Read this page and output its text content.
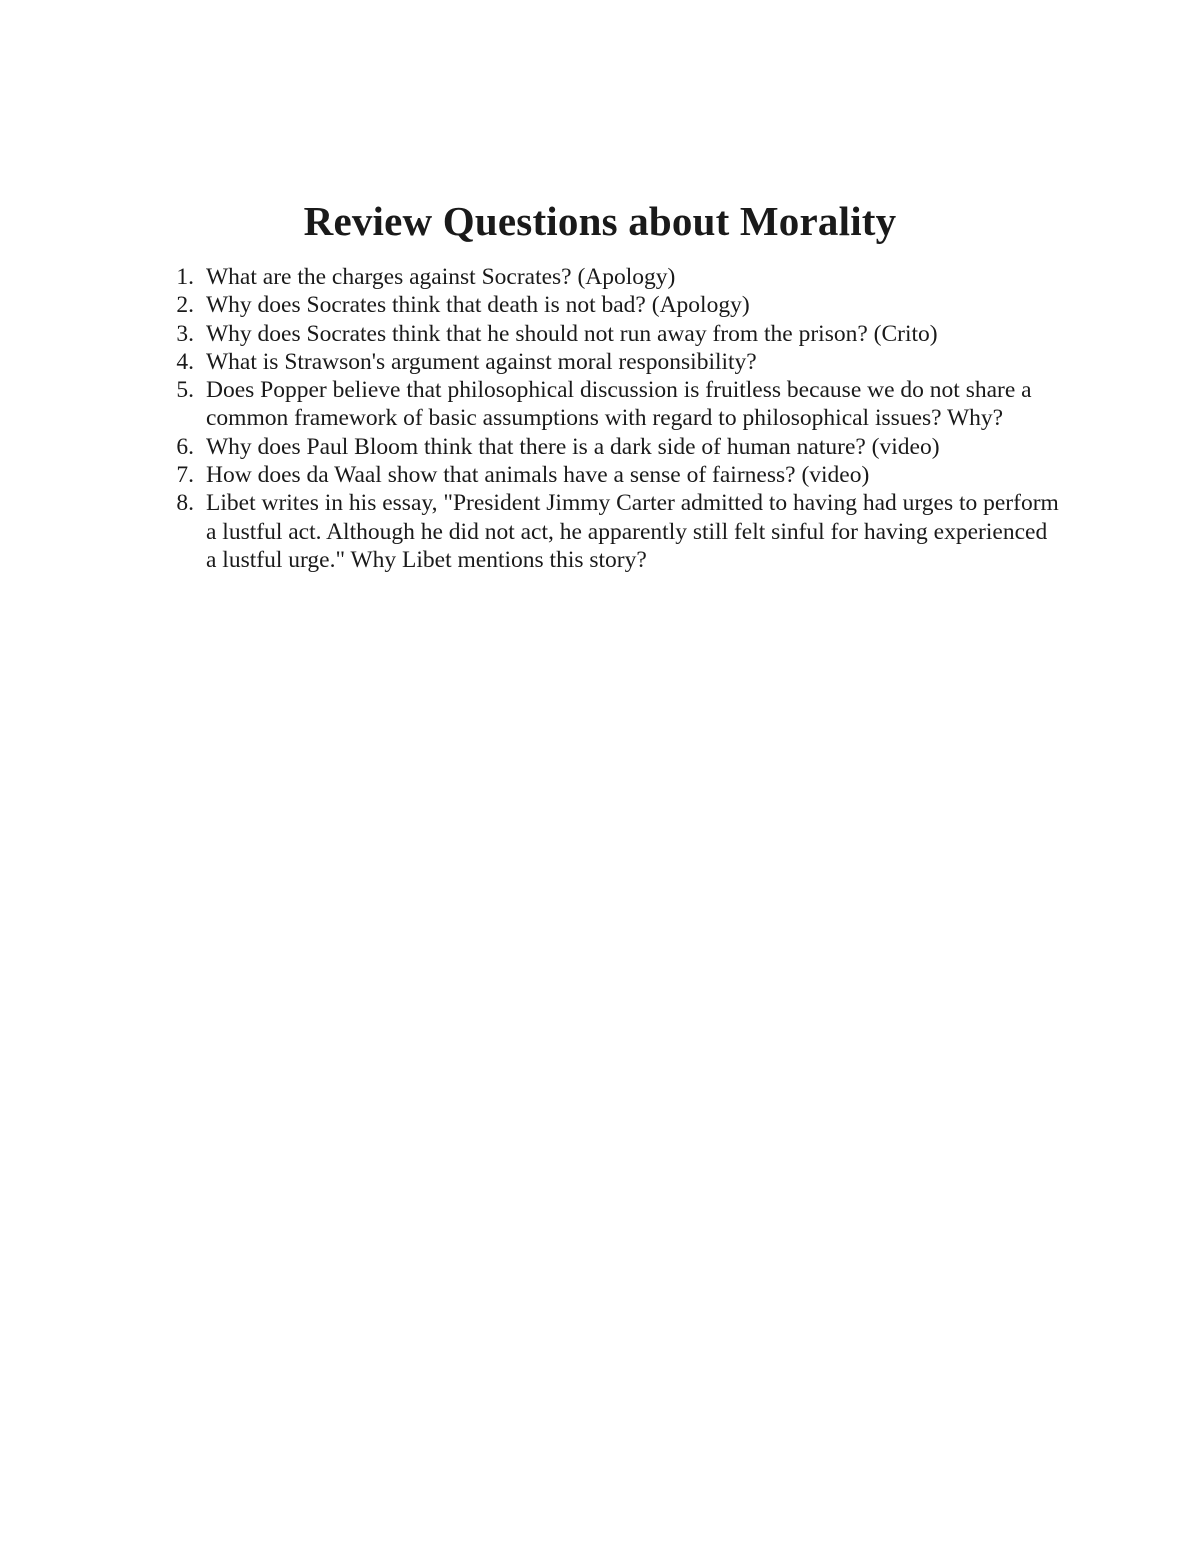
Review Questions about Morality
1. What are the charges against Socrates? (Apology)
2. Why does Socrates think that death is not bad? (Apology)
3. Why does Socrates think that he should not run away from the prison? (Crito)
4. What is Strawson's argument against moral responsibility?
5. Does Popper believe that philosophical discussion is fruitless because we do not share a common framework of basic assumptions with regard to philosophical issues? Why?
6. Why does Paul Bloom think that there is a dark side of human nature? (video)
7. How does da Waal show that animals have a sense of fairness? (video)
8. Libet writes in his essay, "President Jimmy Carter admitted to having had urges to perform a lustful act. Although he did not act, he apparently still felt sinful for having experienced a lustful urge." Why Libet mentions this story?
